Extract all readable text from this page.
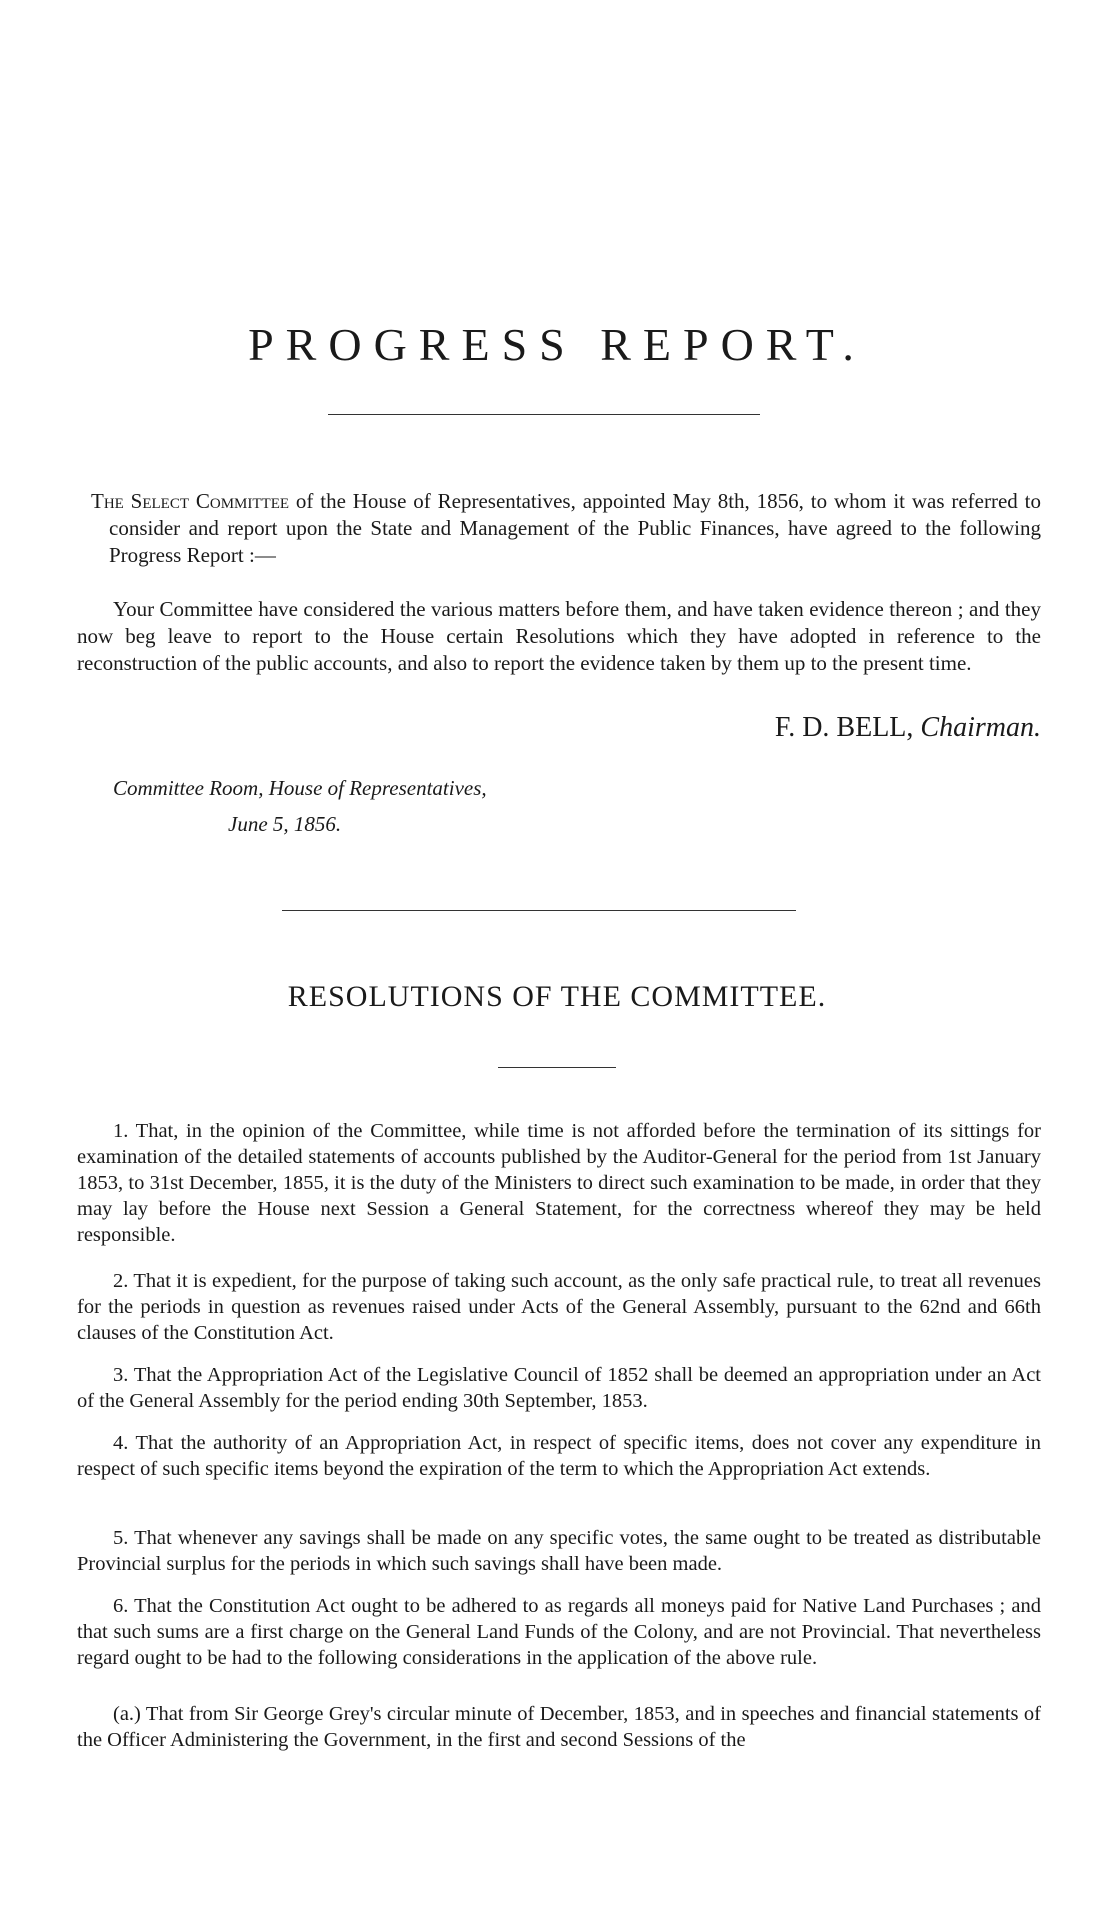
PROGRESS REPORT.

The Select Committee of the House of Representatives, appointed May 8th, 1856, to whom it was referred to consider and report upon the State and Management of the Public Finances, have agreed to the following Progress Report :—

Your Committee have considered the various matters before them, and have taken evidence thereon ; and they now beg leave to report to the House certain Resolutions which they have adopted in reference to the reconstruction of the public accounts, and also to report the evidence taken by them up to the present time.

F. D. BELL, Chairman.

Committee Room, House of Representatives,

June 5, 1856.

RESOLUTIONS OF THE COMMITTEE.

1. That, in the opinion of the Committee, while time is not afforded before the termination of its sittings for examination of the detailed statements of accounts published by the Auditor-General for the period from 1st January 1853, to 31st December, 1855, it is the duty of the Ministers to direct such examination to be made, in order that they may lay before the House next Session a General Statement, for the correctness whereof they may be held responsible.

2. That it is expedient, for the purpose of taking such account, as the only safe practical rule, to treat all revenues for the periods in question as revenues raised under Acts of the General Assembly, pursuant to the 62nd and 66th clauses of the Constitution Act.

3. That the Appropriation Act of the Legislative Council of 1852 shall be deemed an appropriation under an Act of the General Assembly for the period ending 30th September, 1853.

4. That the authority of an Appropriation Act, in respect of specific items, does not cover any expenditure in respect of such specific items beyond the expiration of the term to which the Appropriation Act extends.

5. That whenever any savings shall be made on any specific votes, the same ought to be treated as distributable Provincial surplus for the periods in which such savings shall have been made.

6. That the Constitution Act ought to be adhered to as regards all moneys paid for Native Land Purchases ; and that such sums are a first charge on the General Land Funds of the Colony, and are not Provincial. That nevertheless regard ought to be had to the following considerations in the application of the above rule.

(a.) That from Sir George Grey's circular minute of December, 1853, and in speeches and financial statements of the Officer Administering the Government, in the first and second Sessions of the
